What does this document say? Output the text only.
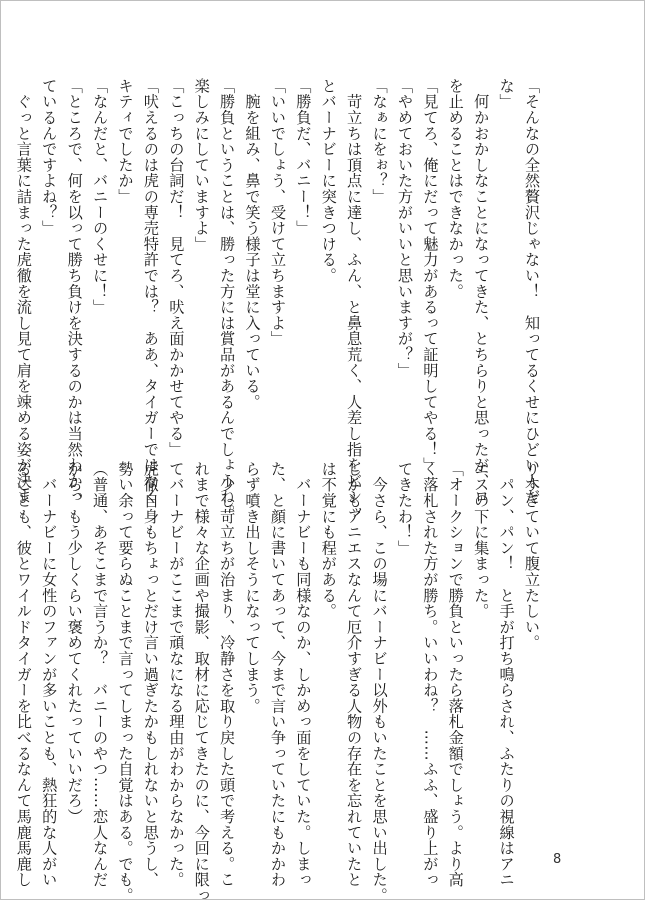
「そんなの全然贅沢じゃない！　知ってるくせにひどい人だ
な」
　何かおかしなことになってきた、とちらりと思ったが、ロ
を止めることはできなかった。
「見てろ、俺にだって魅力があるって証明してやる！」
「やめておいた方がいいと思いますが？」
「なぁにをぉ？」
　苛立ちは頂点に達し、ふん、と鼻息荒く、人差し指をビシッ
とバーナビーに突きつける。
「勝負だ、バニー！」
「いいでしょう、受けて立ちますよ」
　腕を組み、鼻で笑う様子は堂に入っている。
「勝負ということは、勝った方には賞品があるんでしょうね。
楽しみにしていますよ」
「こっちの台詞だ！　見てろ、吠え面かかせてやる」
「吠えるのは虎の専売特許では？　ああ、タイガーではなく
キティでしたか」
「なんだと、バニーのくせに！」
「ところで、何を以って勝ち負けを決するのかは当然わかっ
ているんですよね？」
　ぐっと言葉に詰まった虎徹を流し見て肩を竦める姿が決ま
りすぎていて腹立たしい。
　パン、パン！　と手が打ち鳴らされ、ふたりの視線はアニ
エスの下に集まった。
「オークションで勝負といったら落札金額でしょう。より高
く落札された方が勝ち。いいわね？　……ふふ、盛り上がっ
てきたわ！」
　今さら、この場にバーナビー以外もいたことを思い出した。
しかもアニエスなんて厄介すぎる人物の存在を忘れていたと
は不覚にも程がある。
　バーナビーも同様なのか、しかめっ面をしていた。しまっ
た、と顔に書いてあって、今まで言い争っていたにもかかわ
らず噴き出しそうになってしまう。
　少し苛立ちが治まり、冷静さを取り戻した頭で考える。こ
れまで様々な企画や撮影、取材に応じてきたのに、今回に限っ
てバーナビーがここまで頑なになる理由がわからなかった。
虎徹自身もちょっとだけ言い過ぎたかもしれないと思うし、
勢い余って要らぬことまで言ってしまった自覚はある。でも。
（普通、あそこまで言うか？　バニーのやつ……恋人なんだ
から、もう少しくらい褒めてくれたっていいだろ）
　バーナビーに女性のファンが多いことも、熱狂的な人がい
ることも、彼とワイルドタイガーを比べるなんて馬鹿馬鹿し	8
